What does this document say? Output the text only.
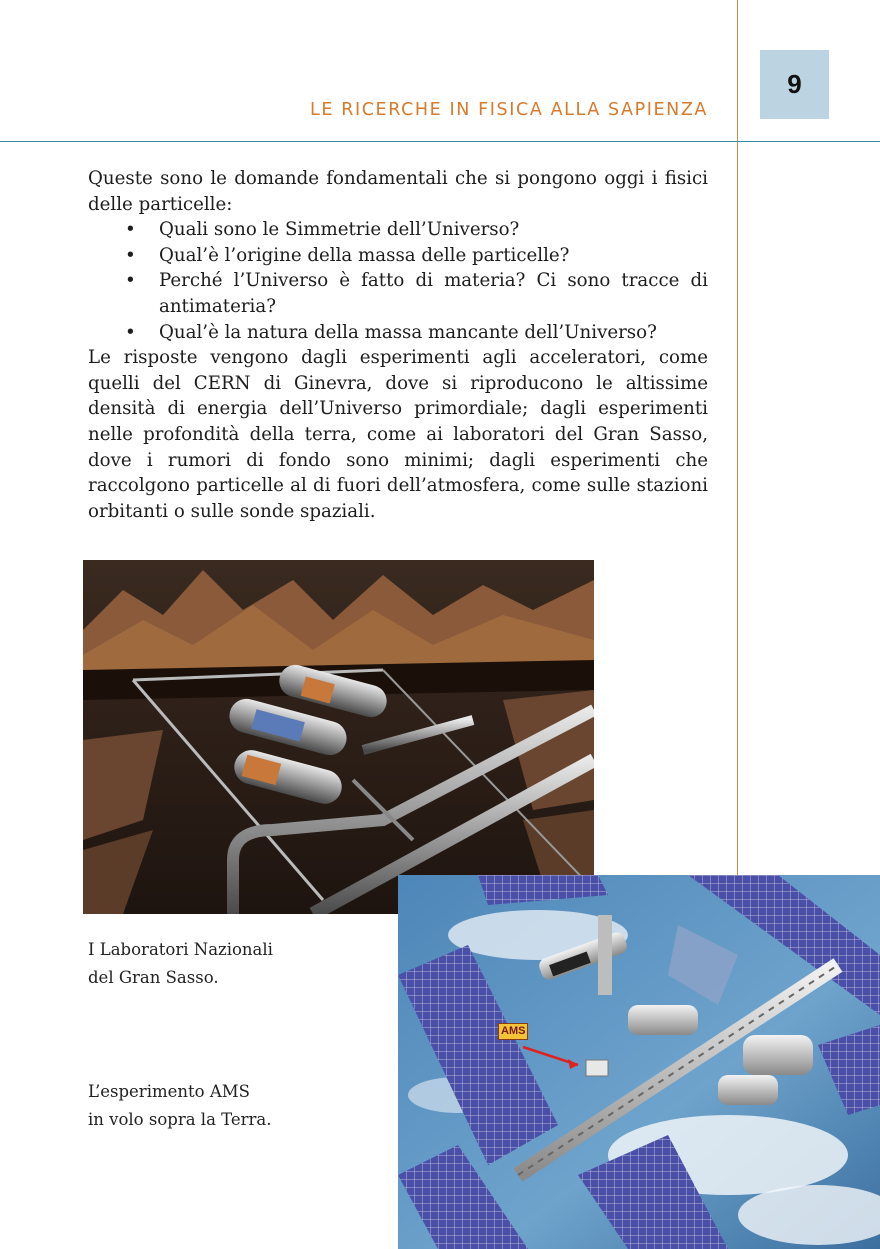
9
LE RICERCHE IN FISICA ALLA SAPIENZA

Queste sono le domande fondamentali che si pongono oggi i fisici delle particelle:

• Quali sono le Simmetrie dell’Universo?
• Qual’è l’origine della massa delle particelle?
• Perché l’Universo è fatto di materia? Ci sono tracce di antimateria?
• Qual’è la natura della massa mancante dell’Universo?

Le risposte vengono dagli esperimenti agli acceleratori, come quelli del CERN di Ginevra, dove si riproducono le altissime densità di energia dell’Universo primordiale; dagli esperimenti nelle profondità della terra, come ai laboratori del Gran Sasso, dove i rumori di fondo sono minimi; dagli esperimenti che raccolgono particelle al di fuori dell’atmosfera, come sulle stazioni orbitanti o sulle sonde spaziali.

I Laboratori Nazionali
del Gran Sasso.
L’esperimento AMS
in volo sopra la Terra.
AMS
